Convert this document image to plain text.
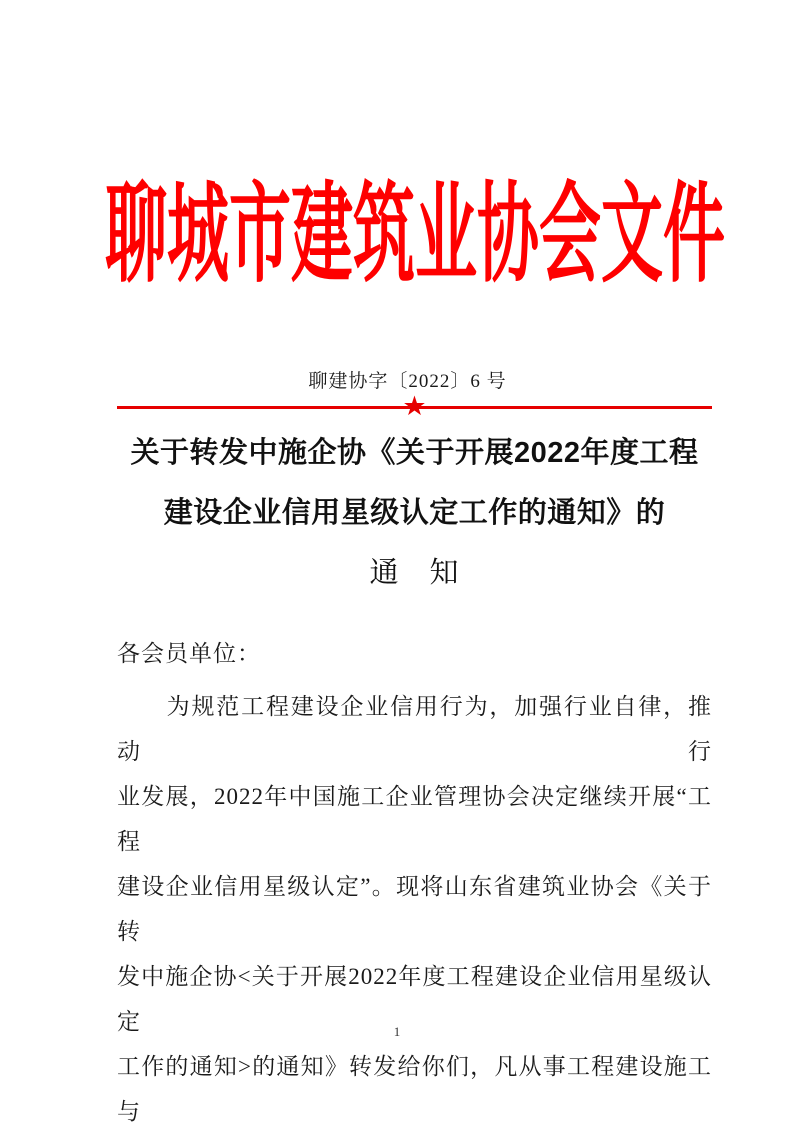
聊城市建筑业协会文件
聊建协字〔2022〕6 号
★
关于转发中施企协《关于开展2022年度工程
建设企业信用星级认定工作的通知》的
通　知
各会员单位：
　　为规范工程建设企业信用行为，加强行业自律，推动行
业发展，2022年中国施工企业管理协会决定继续开展“工程
建设企业信用星级认定”。现将山东省建筑业协会《关于转
发中施企协<关于开展2022年度工程建设企业信用星级认定
工作的通知>的通知》转发给你们，凡从事工程建设施工与
1
